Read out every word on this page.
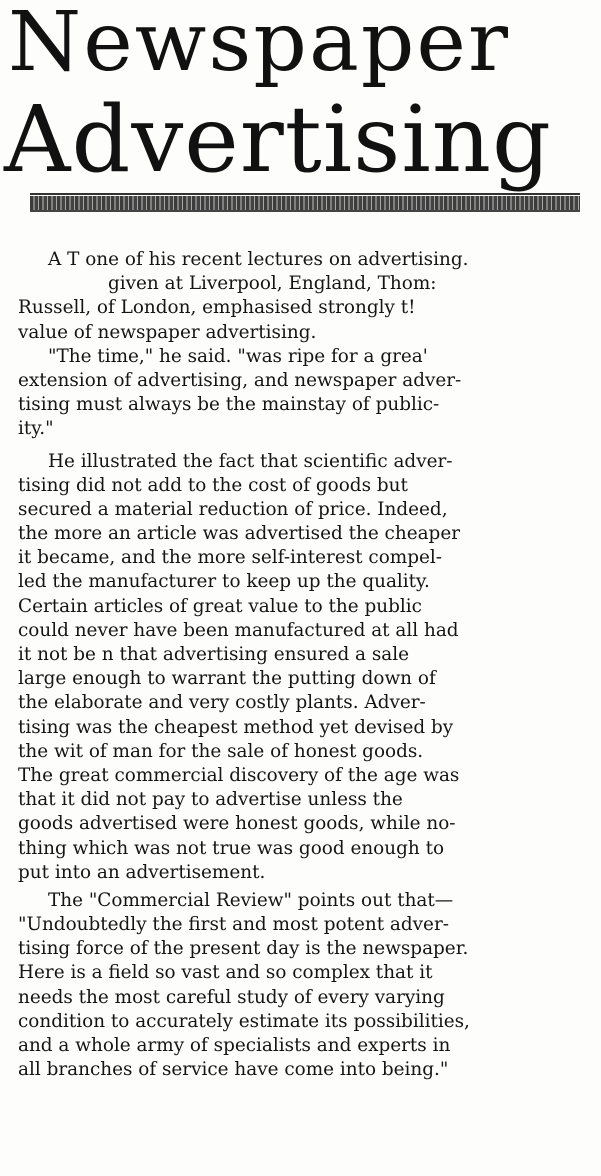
Newspaper
Advertising
A T one of his recent lectures on advertising.
given at Liverpool, England, Thom:
Russell, of London, emphasised strongly t!
value of newspaper advertising.
"The time," he said. "was ripe for a grea'
extension of advertising, and newspaper adver-
tising must always be the mainstay of public-
ity."
He illustrated the fact that scientific adver-
tising did not add to the cost of goods but
secured a material reduction of price. Indeed,
the more an article was advertised the cheaper
it became, and the more self-interest compel-
led the manufacturer to keep up the quality.
Certain articles of great value to the public
could never have been manufactured at all had
it not be n that advertising ensured a sale
large enough to warrant the putting down of
the elaborate and very costly plants. Adver-
tising was the cheapest method yet devised by
the wit of man for the sale of honest goods.
The great commercial discovery of the age was
that it did not pay to advertise unless the
goods advertised were honest goods, while no-
thing which was not true was good enough to
put into an advertisement.
The "Commercial Review" points out that—
"Undoubtedly the first and most potent adver-
tising force of the present day is the newspaper.
Here is a field so vast and so complex that it
needs the most careful study of every varying
condition to accurately estimate its possibilities,
and a whole army of specialists and experts in
all branches of service have come into being."
